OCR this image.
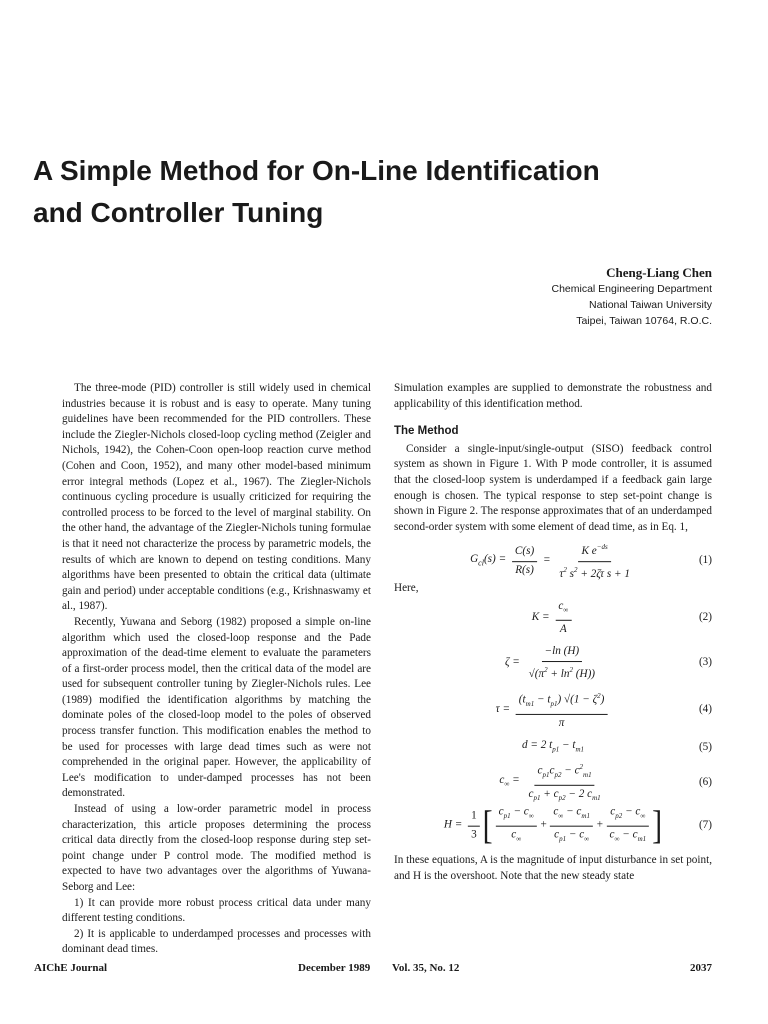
A Simple Method for On-Line Identification
and Controller Tuning
Cheng-Liang Chen
Chemical Engineering Department
National Taiwan University
Taipei, Taiwan 10764, R.O.C.

The three-mode (PID) controller is still widely used in chemical industries because it is robust and is easy to operate. Many tuning guidelines have been recommended for the PID controllers. These include the Ziegler-Nichols closed-loop cycling method (Zeigler and Nichols, 1942), the Cohen-Coon open-loop reaction curve method (Cohen and Coon, 1952), and many other model-based minimum error integral methods (Lopez et al., 1967). The Ziegler-Nichols continuous cycling procedure is usually criticized for requiring the controlled process to be forced to the level of marginal stability. On the other hand, the advantage of the Ziegler-Nichols tuning formulae is that it need not characterize the process by parametric models, the results of which are known to depend on testing conditions. Many algorithms have been presented to obtain the critical data (ultimate gain and period) under acceptable conditions (e.g., Krishnaswamy et al., 1987).

Recently, Yuwana and Seborg (1982) proposed a simple on-line algorithm which used the closed-loop response and the Pade approximation of the dead-time element to evaluate the parameters of a first-order process model, then the critical data of the model are used for subsequent controller tuning by Ziegler-Nichols rules. Lee (1989) modified the identification algorithms by matching the dominate poles of the closed-loop model to the poles of observed process transfer function. This modification enables the method to be used for processes with large dead times such as were not comprehended in the original paper. However, the applicability of Lee's modification to under-damped processes has not been demonstrated.

Instead of using a low-order parametric model in process characterization, this article proposes determining the process critical data directly from the closed-loop response during step set-point change under P control mode. The modified method is expected to have two advantages over the algorithms of Yuwana-Seborg and Lee:

1) It can provide more robust process critical data under many different testing conditions.

2) It is applicable to underdamped processes and processes with dominant dead times.

Simulation examples are supplied to demonstrate the robustness and applicability of this identification method.

The Method

Consider a single-input/single-output (SISO) feedback control system as shown in Figure 1. With P mode controller, it is assumed that the closed-loop system is underdamped if a feedback gain large enough is chosen. The typical response to step set-point change is shown in Figure 2. The response approximates that of an underdamped second-order system with some element of dead time, as in Eq. 1,

$G_{cl}(s) = \frac{C(s)}{R(s)} = \frac{K e^{-ds}}{\tau^2 s^2 + 2\zeta\tau s + 1}$	(1)

Here,

$K = \frac{c_\infty}{A}$	(2)
$\zeta = \frac{-\ln (H)}{√(\pi^2 + \ln^2 (H))}$	(3)
$\tau = \frac{(t_{m1} - t_{p1}) √(1 - \zeta^2)}{\pi}$	(4)
d = 2 $t_{p1} - t_{m1}$	(5)
$c_\infty = \frac{c_{p1}c_{p2} - c^2_{m1}}{c_{p1} + c_{p2} - 2 c_{m1}}$	(6)
$H = \frac{1}{3}$ [ $\frac{c_{p1} - c_\infty}{c_\infty} + \frac{c_\infty - c_{m1}}{c_{p1} - c_\infty} + \frac{c_{p2} - c_\infty}{c_\infty - c_{m1}}$ ]	(7)

In these equations, A is the magnitude of input disturbance in set point, and H is the overshoot. Note that the new steady state

AIChE Journal	December 1989 Vol. 35, No. 12	2037
